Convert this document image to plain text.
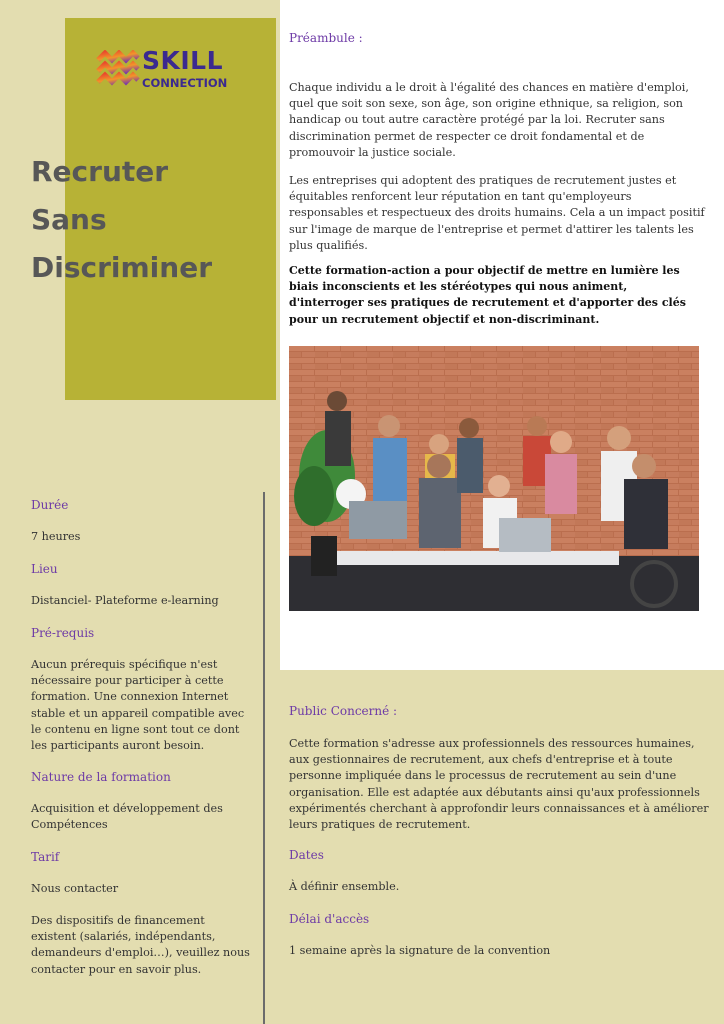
SKILL
CONNECTION
Recruter
Sans
Discriminer

Préambule :

Chaque individu a le droit à l'égalité des chances en matière d'emploi, quel que soit son sexe, son âge, son origine ethnique, sa religion, son handicap ou tout autre caractère protégé par la loi. Recruter sans discrimination permet de respecter ce droit fondamental et de promouvoir la justice sociale.

Les entreprises qui adoptent des pratiques de recrutement justes et équitables renforcent leur réputation en tant qu'employeurs responsables et respectueux des droits humains. Cela a un impact positif sur l'image de marque de l'entreprise et permet d'attirer les talents les plus qualifiés.

Cette formation-action a pour objectif de mettre en lumière les biais inconscients et les stéréotypes qui nous animent, d'interroger ses pratiques de recrutement et d'apporter des clés pour un recrutement objectif et non-discriminant.

Durée

7 heures

Lieu

Distanciel- Plateforme e-learning

Pré-requis

Aucun prérequis spécifique n'est nécessaire pour participer à cette formation. Une connexion Internet stable et un appareil compatible avec le contenu en ligne sont tout ce dont les participants auront besoin.

Nature de la formation

Acquisition et développement des Compétences

Tarif

Nous contacter

Des dispositifs de financement existent (salariés, indépendants, demandeurs d'emploi…), veuillez nous contacter pour en savoir plus.

Public Concerné :

Cette formation s'adresse aux professionnels des ressources humaines, aux gestionnaires de recrutement, aux chefs d'entreprise et à toute personne impliquée dans le processus de recrutement au sein d'une organisation. Elle est adaptée aux débutants ainsi qu'aux professionnels expérimentés cherchant à approfondir leurs connaissances et à améliorer leurs pratiques de recrutement.

Dates

À définir ensemble.

Délai d'accès

1 semaine après la signature de la convention
